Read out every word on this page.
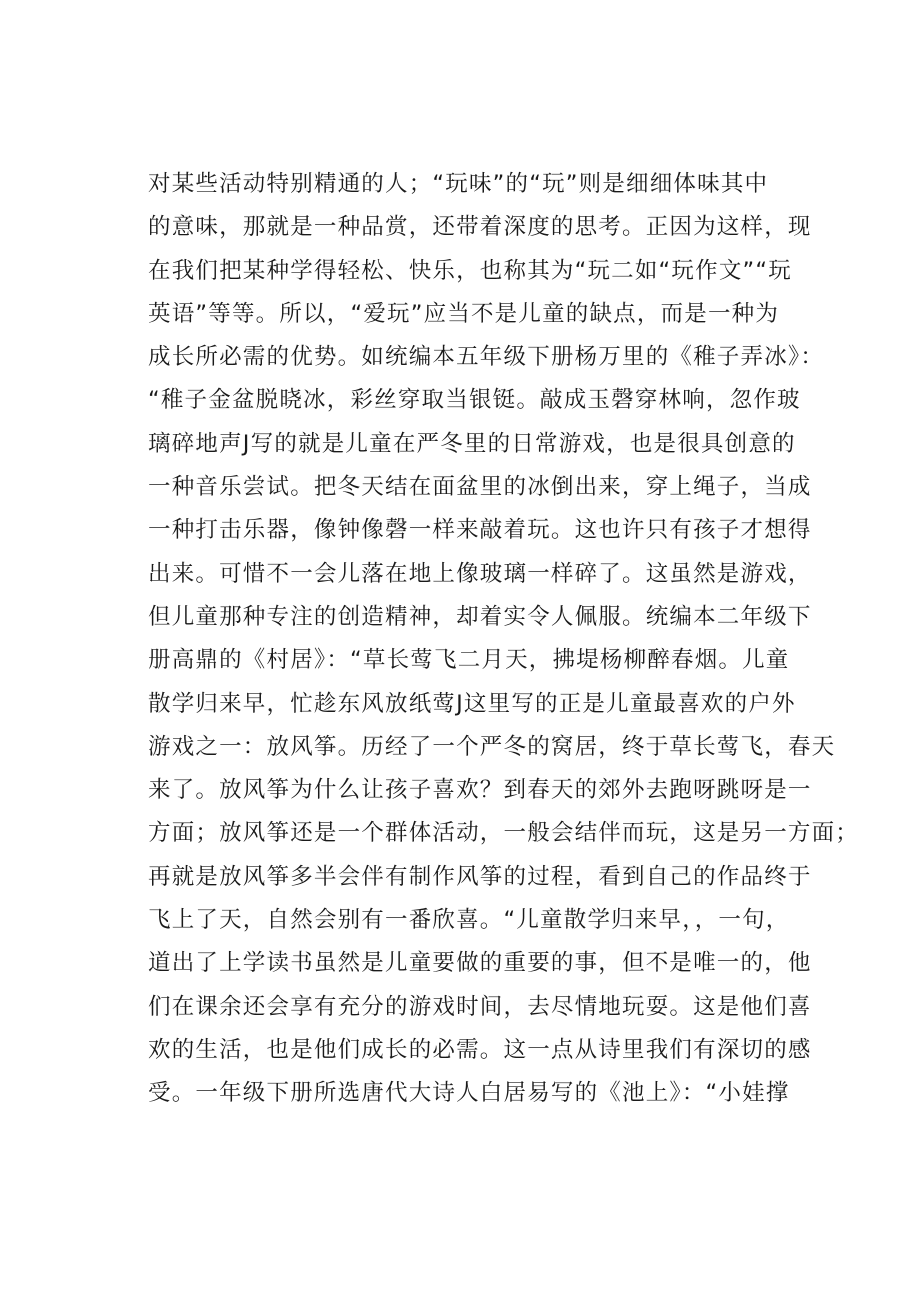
对某些活动特别精通的人；“玩味”的“玩”则是细细体味其中
的意味，那就是一种品赏，还带着深度的思考。正因为这样，现
在我们把某种学得轻松、快乐，也称其为“玩二如“玩作文”“玩
英语”等等。所以，“爱玩”应当不是儿童的缺点，而是一种为
成长所必需的优势。如统编本五年级下册杨万里的《稚子弄冰》：
“稚子金盆脱晓冰，彩丝穿取当银铤。敲成玉磬穿林响，忽作玻
璃碎地声J写的就是儿童在严冬里的日常游戏，也是很具创意的
一种音乐尝试。把冬天结在面盆里的冰倒出来，穿上绳子，当成
一种打击乐器，像钟像磬一样来敲着玩。这也许只有孩子才想得
出来。可惜不一会儿落在地上像玻璃一样碎了。这虽然是游戏，
但儿童那种专注的创造精神，却着实令人佩服。统编本二年级下
册高鼎的《村居》：“草长莺飞二月天，拂堤杨柳醉春烟。儿童
散学归来早，忙趁东风放纸莺J这里写的正是儿童最喜欢的户外
游戏之一：放风筝。历经了一个严冬的窝居，终于草长莺飞，春天
来了。放风筝为什么让孩子喜欢？到春天的郊外去跑呀跳呀是一
方面；放风筝还是一个群体活动，一般会结伴而玩，这是另一方面；
再就是放风筝多半会伴有制作风筝的过程，看到自己的作品终于
飞上了天，自然会别有一番欣喜。“儿童散学归来早，，一句，
道出了上学读书虽然是儿童要做的重要的事，但不是唯一的，他
们在课余还会享有充分的游戏时间，去尽情地玩耍。这是他们喜
欢的生活，也是他们成长的必需。这一点从诗里我们有深切的感
受。一年级下册所选唐代大诗人白居易写的《池上》：“小娃撑
